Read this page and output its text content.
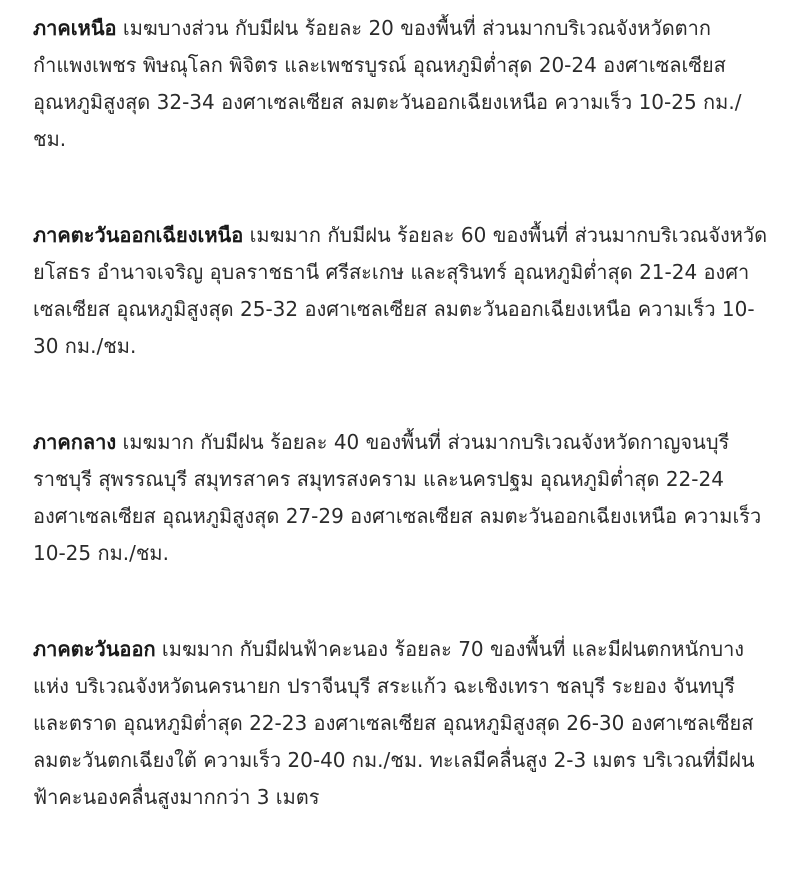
ภาคเหนือ เมฆบางส่วน กับมีฝน ร้อยละ 20 ของพื้นที่ ส่วนมากบริเวณจังหวัดตาก กำแพงเพชร พิษณุโลก พิจิตร และเพชรบูรณ์ อุณหภูมิต่ำสุด 20-24 องศาเซลเซียส อุณหภูมิสูงสุด 32-34 องศาเซลเซียส ลมตะวันออกเฉียงเหนือ ความเร็ว 10-25 กม./ชม.

ภาคตะวันออกเฉียงเหนือ เมฆมาก กับมีฝน ร้อยละ 60 ของพื้นที่ ส่วนมากบริเวณจังหวัดยโสธร อำนาจเจริญ อุบลราชธานี ศรีสะเกษ และสุรินทร์ อุณหภูมิต่ำสุด 21-24 องศาเซลเซียส อุณหภูมิสูงสุด 25-32 องศาเซลเซียส ลมตะวันออกเฉียงเหนือ ความเร็ว 10-30 กม./ชม.

ภาคกลาง เมฆมาก กับมีฝน ร้อยละ 40 ของพื้นที่ ส่วนมากบริเวณจังหวัดกาญจนบุรี ราชบุรี สุพรรณบุรี สมุทรสาคร สมุทรสงคราม และนครปฐม อุณหภูมิต่ำสุด 22-24 องศาเซลเซียส อุณหภูมิสูงสุด 27-29 องศาเซลเซียส ลมตะวันออกเฉียงเหนือ ความเร็ว 10-25 กม./ชม.

ภาคตะวันออก เมฆมาก กับมีฝนฟ้าคะนอง ร้อยละ 70 ของพื้นที่ และมีฝนตกหนักบางแห่ง บริเวณจังหวัดนครนายก ปราจีนบุรี สระแก้ว ฉะเชิงเทรา ชลบุรี ระยอง จันทบุรี และตราด อุณหภูมิต่ำสุด 22-23 องศาเซลเซียส อุณหภูมิสูงสุด 26-30 องศาเซลเซียส ลมตะวันตกเฉียงใต้ ความเร็ว 20-40 กม./ชม. ทะเลมีคลื่นสูง 2-3 เมตร บริเวณที่มีฝนฟ้าคะนองคลื่นสูงมากกว่า 3 เมตร
